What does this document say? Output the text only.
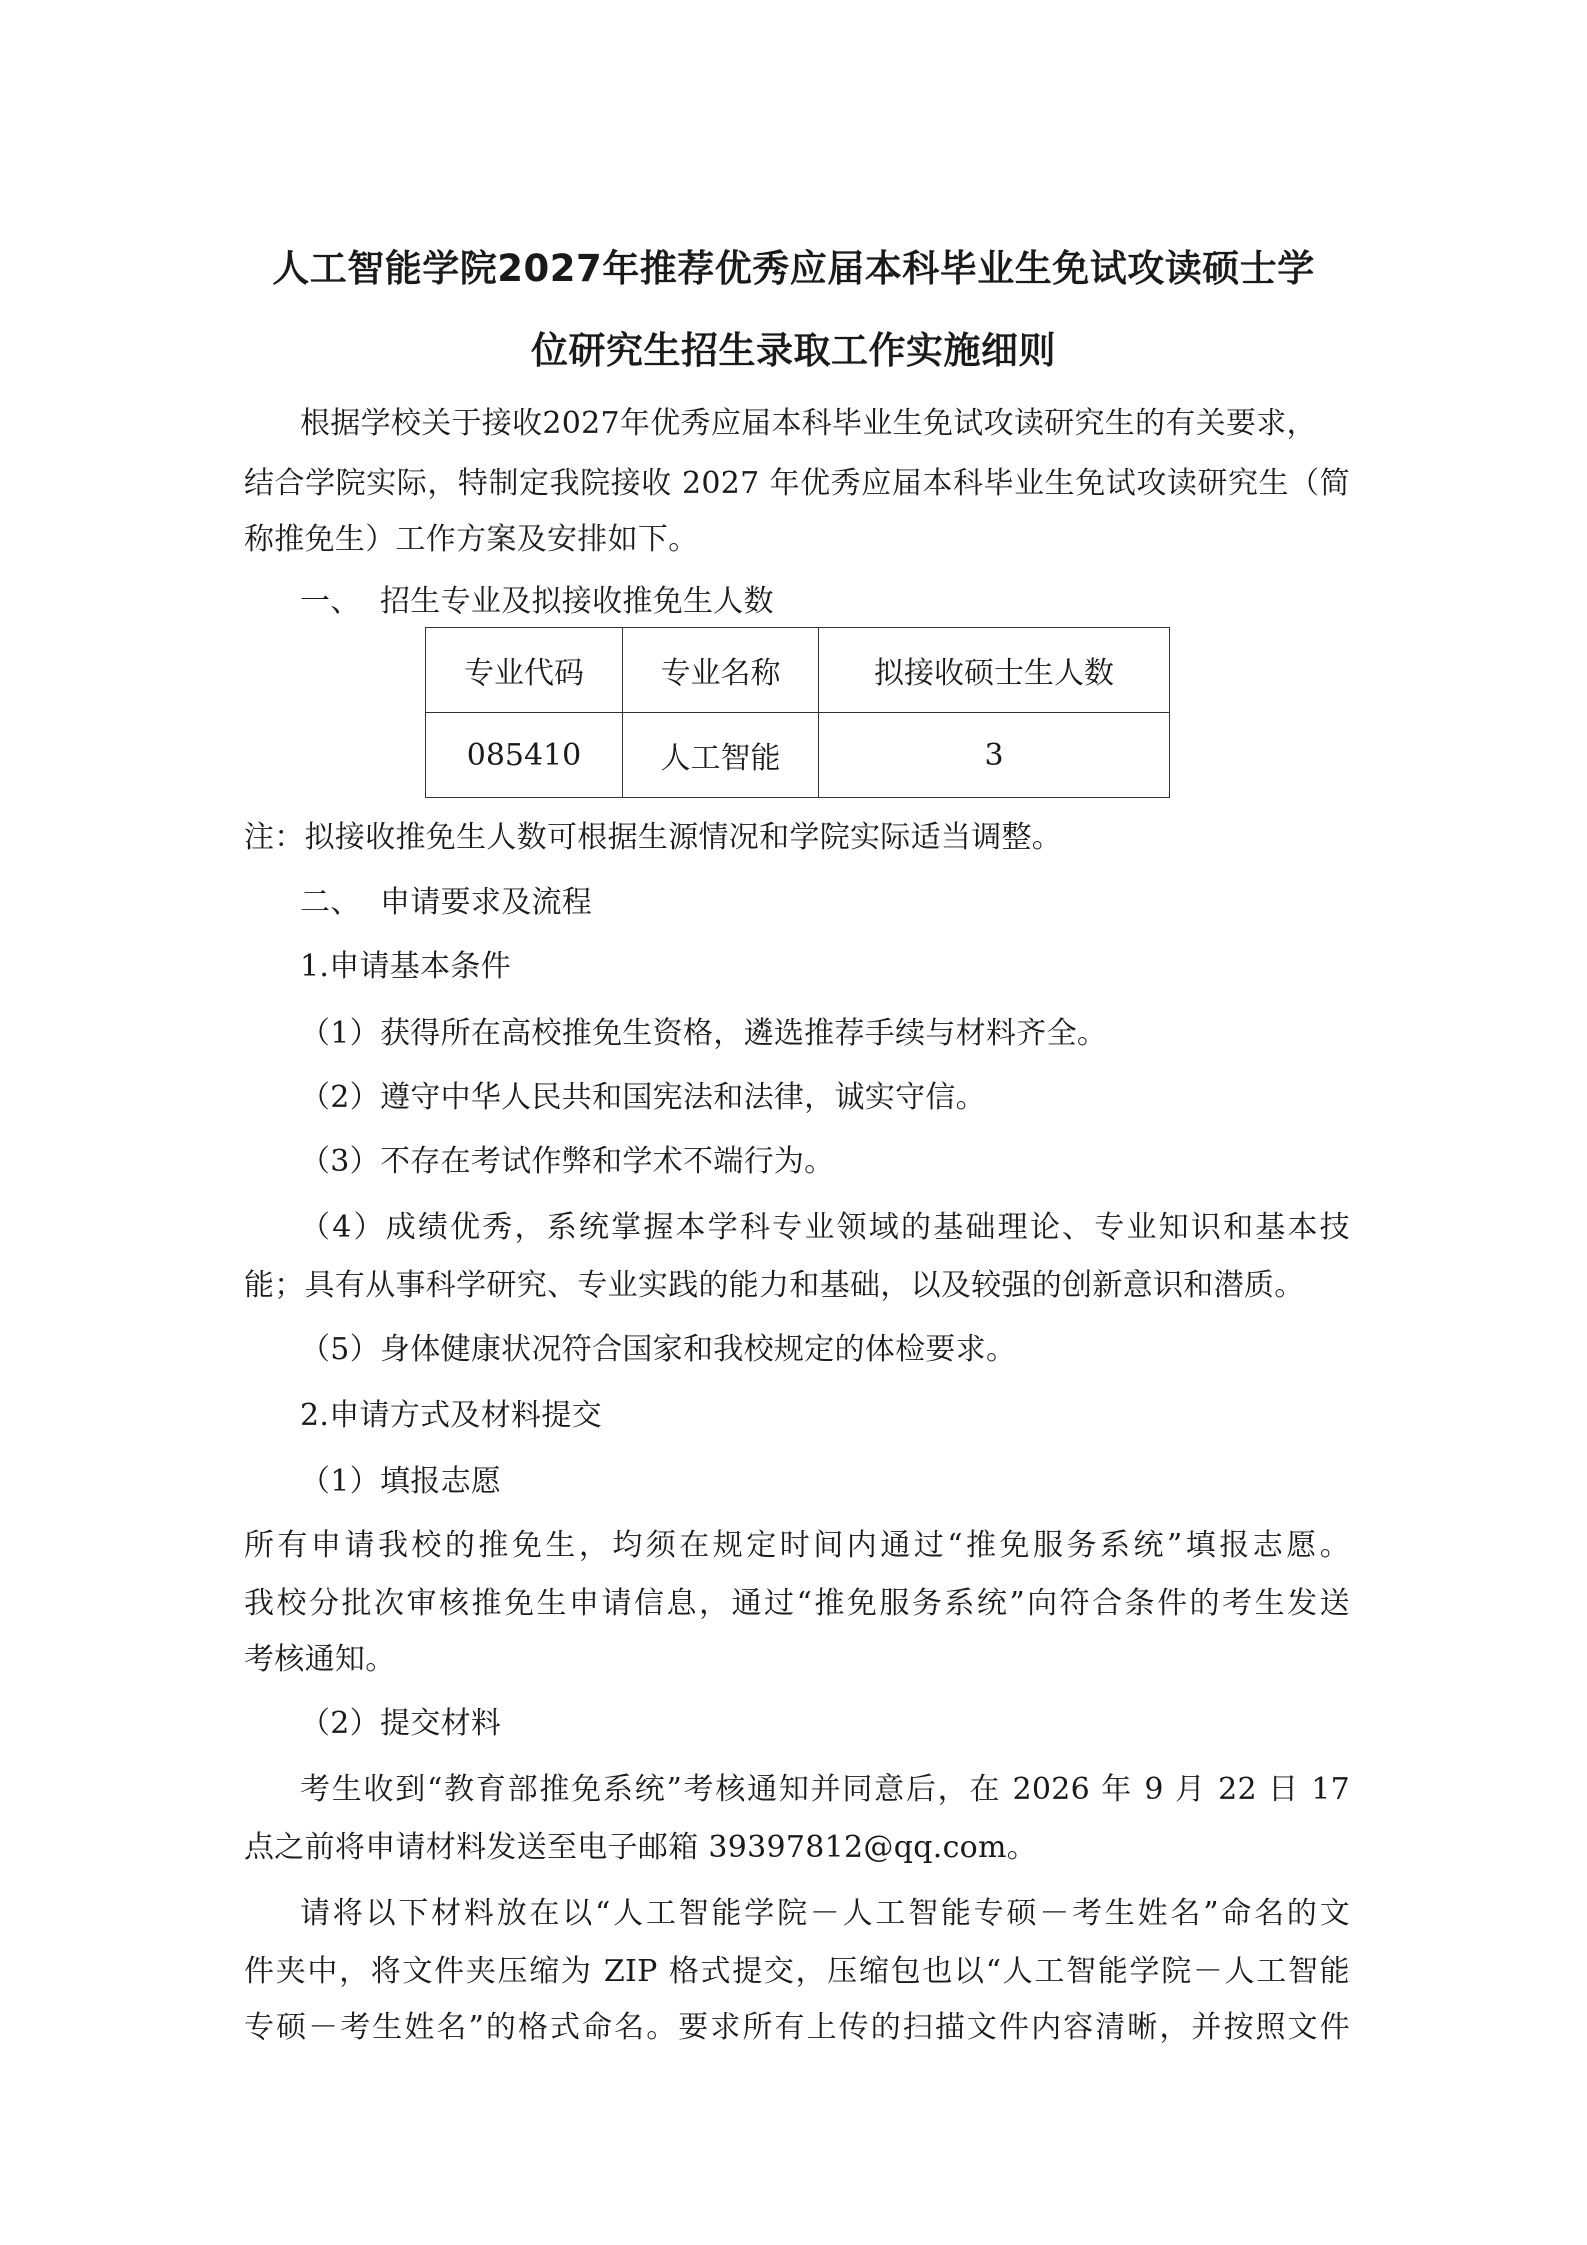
人工智能学院2027年推荐优秀应届本科毕业生免试攻读硕士学
位研究生招生录取工作实施细则

根据学校关于接收2027年优秀应届本科毕业生免试攻读研究生的有关要求，

结合学院实际，特制定我院接收 2027 年优秀应届本科毕业生免试攻读研究生（简

称推免生）工作方案及安排如下。

一、 招生专业及拟接收推免生人数

专业代码	专业名称	拟接收硕士生人数
085410	人工智能	3

注：拟接收推免生人数可根据生源情况和学院实际适当调整。

二、 申请要求及流程

1.申请基本条件

（1）获得所在高校推免生资格，遴选推荐手续与材料齐全。

（2）遵守中华人民共和国宪法和法律，诚实守信。

（3）不存在考试作弊和学术不端行为。

（4）成绩优秀，系统掌握本学科专业领域的基础理论、专业知识和基本技

能；具有从事科学研究、专业实践的能力和基础，以及较强的创新意识和潜质。

（5）身体健康状况符合国家和我校规定的体检要求。

2.申请方式及材料提交

（1）填报志愿

所有申请我校的推免生，均须在规定时间内通过“推免服务系统”填报志愿。

我校分批次审核推免生申请信息，通过“推免服务系统”向符合条件的考生发送

考核通知。

（2）提交材料

考生收到“教育部推免系统”考核通知并同意后，在 2026 年 9 月 22 日 17

点之前将申请材料发送至电子邮箱 39397812@qq.com。

请将以下材料放在以“人工智能学院－人工智能专硕－考生姓名”命名的文

件夹中，将文件夹压缩为 ZIP 格式提交，压缩包也以“人工智能学院－人工智能

专硕－考生姓名”的格式命名。要求所有上传的扫描文件内容清晰，并按照文件
